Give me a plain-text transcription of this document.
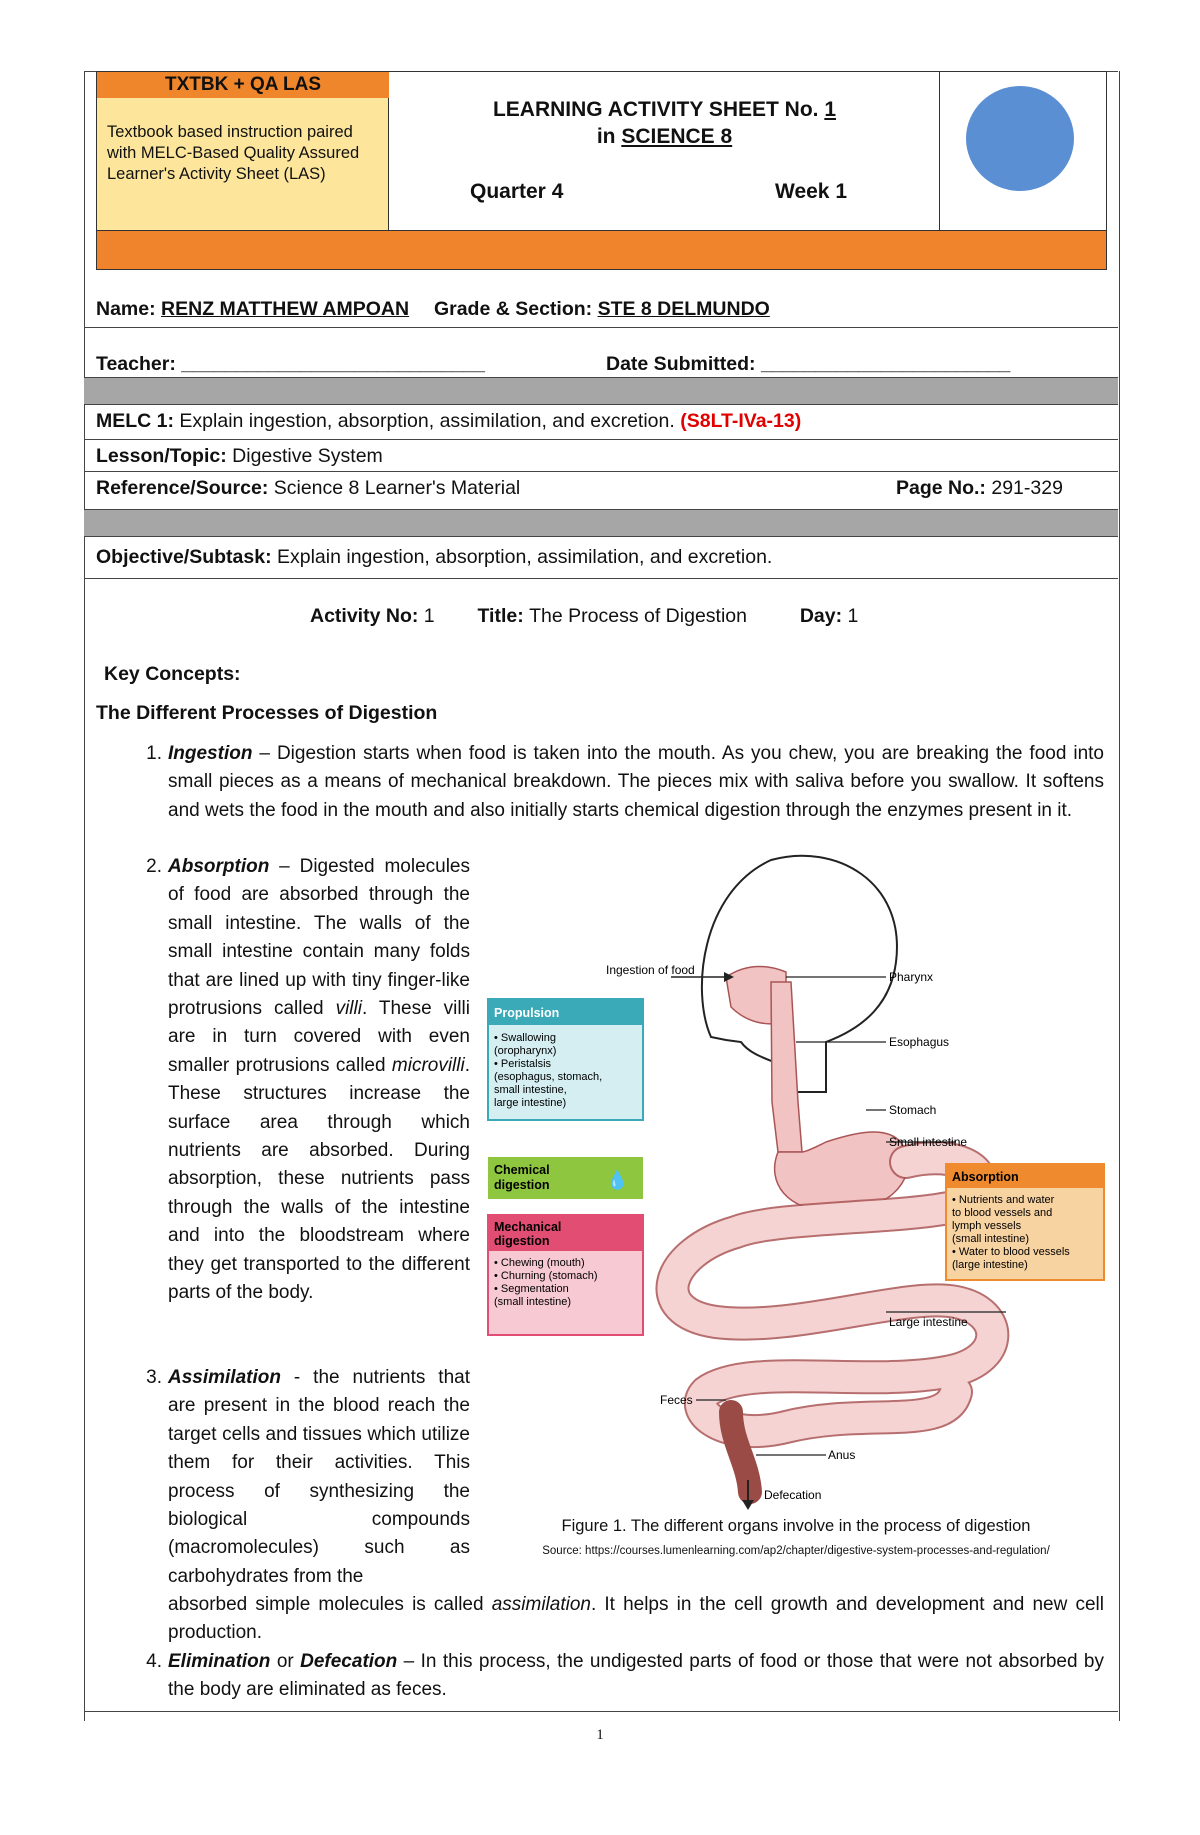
TXTBK + QA LAS
Textbook based instruction paired with MELC-Based Quality Assured Learner's Activity Sheet (LAS)
LEARNING ACTIVITY SHEET No. 1
in SCIENCE 8
Quarter 4	Week 1
Name: RENZ MATTHEW AMPOAN Grade & Section: STE 8 DELMUNDO
Teacher: ____________________________	Date Submitted: _______________________
MELC 1: Explain ingestion, absorption, assimilation, and excretion. (S8LT-IVa-13)
Lesson/Topic: Digestive System
Reference/Source: Science 8 Learner's Material	Page No.: 291-329
Objective/Subtask: Explain ingestion, absorption, assimilation, and excretion.
Activity No: 1 Title: The Process of Digestion	Day: 1
Key Concepts:
The Different Processes of Digestion
1. Ingestion – Digestion starts when food is taken into the mouth. As you chew, you are breaking the food into small pieces as a means of mechanical breakdown. The pieces mix with saliva before you swallow. It softens and wets the food in the mouth and also initially starts chemical digestion through the enzymes present in it.
2. Absorption – Digested molecules of food are absorbed through the small intestine. The walls of the small intestine contain many folds that are lined up with tiny finger-like protrusions called villi. These villi are in turn covered with even smaller protrusions called microvilli. These structures increase the surface area through which nutrients are absorbed. During absorption, these nutrients pass through the walls of the intestine and into the bloodstream where they get transported to the different parts of the body.
3. Assimilation - the nutrients that are present in the blood reach the target cells and tissues which utilize them for their activities. This process of synthesizing the biological compounds (macromolecules) such as carbohydrates from the
absorbed simple molecules is called assimilation. It helps in the cell growth and development and new cell production.
4. Elimination or Defecation – In this process, the undigested parts of food or those that were not absorbed by the body are eliminated as feces.
Propulsion
• Swallowing
(oropharynx)
• Peristalsis
(esophagus, stomach,
small intestine,
large intestine)
Chemical
digestion	💧
Mechanical
digestion
• Chewing (mouth)
• Churning (stomach)
• Segmentation
(small intestine)
Absorption
• Nutrients and water
to blood vessels and
lymph vessels
(small intestine)
• Water to blood vessels
(large intestine)
Ingestion of food	Pharynx
Esophagus
Stomach
Small intestine
Large intestine
Feces
Anus
Defecation
Figure 1. The different organs involve in the process of digestion
Source: https://courses.lumenlearning.com/ap2/chapter/digestive-system-processes-and-regulation/
1
